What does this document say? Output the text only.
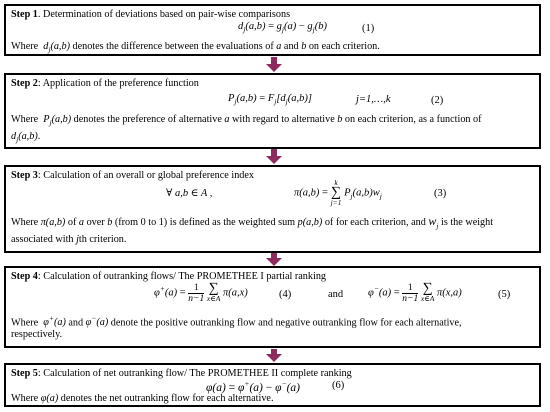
Step 1. Determination of deviations based on pair-wise comparisons
$d_j(a,b) = g_j(a) - g_j(b)$	(1)
Where  $d_j(a,b)$ denotes the difference between the evaluations of a and b on each criterion.
Step 2: Application of the preference function
$P_j(a,b) = F_j[d_j(a,b)]$	j=1,…,k	(2)
Where  $P_j(a,b)$ denotes the preference of alternative a with regard to alternative b on each criterion, as a function of
$d_j(a,b)$.
Step 3: Calculation of an overall or global preference index
∀ a,b ∈ A ,	π(a,b) =
k
∑
j=1
$P_j(a,b)w_j$	(3)
Where π(a,b) of a over b (from 0 to 1) is defined as the weighted sum p(a,b) of for each criterion, and $w_j$ is the weight
associated with jth criterion.
Step 4: Calculation of outranking flows/ The PROMETHEE I partial ranking
$\varphi^+(a) = \frac{1}{n-1}$
∑
x∈A
π(a,x)	(4)	and $\varphi^-(a) = \frac{1}{n-1}$
∑
x∈A
π(x,a)	(5)
Where  φ+(a) and φ−(a) denote the positive outranking flow and negative outranking flow for each alternative,
respectively.
Step 5: Calculation of net outranking flow/ The PROMETHEE II complete ranking
φ(a) = φ+(a) − φ−(a)	(6)
Where φ(a) denotes the net outranking flow for each alternative.
